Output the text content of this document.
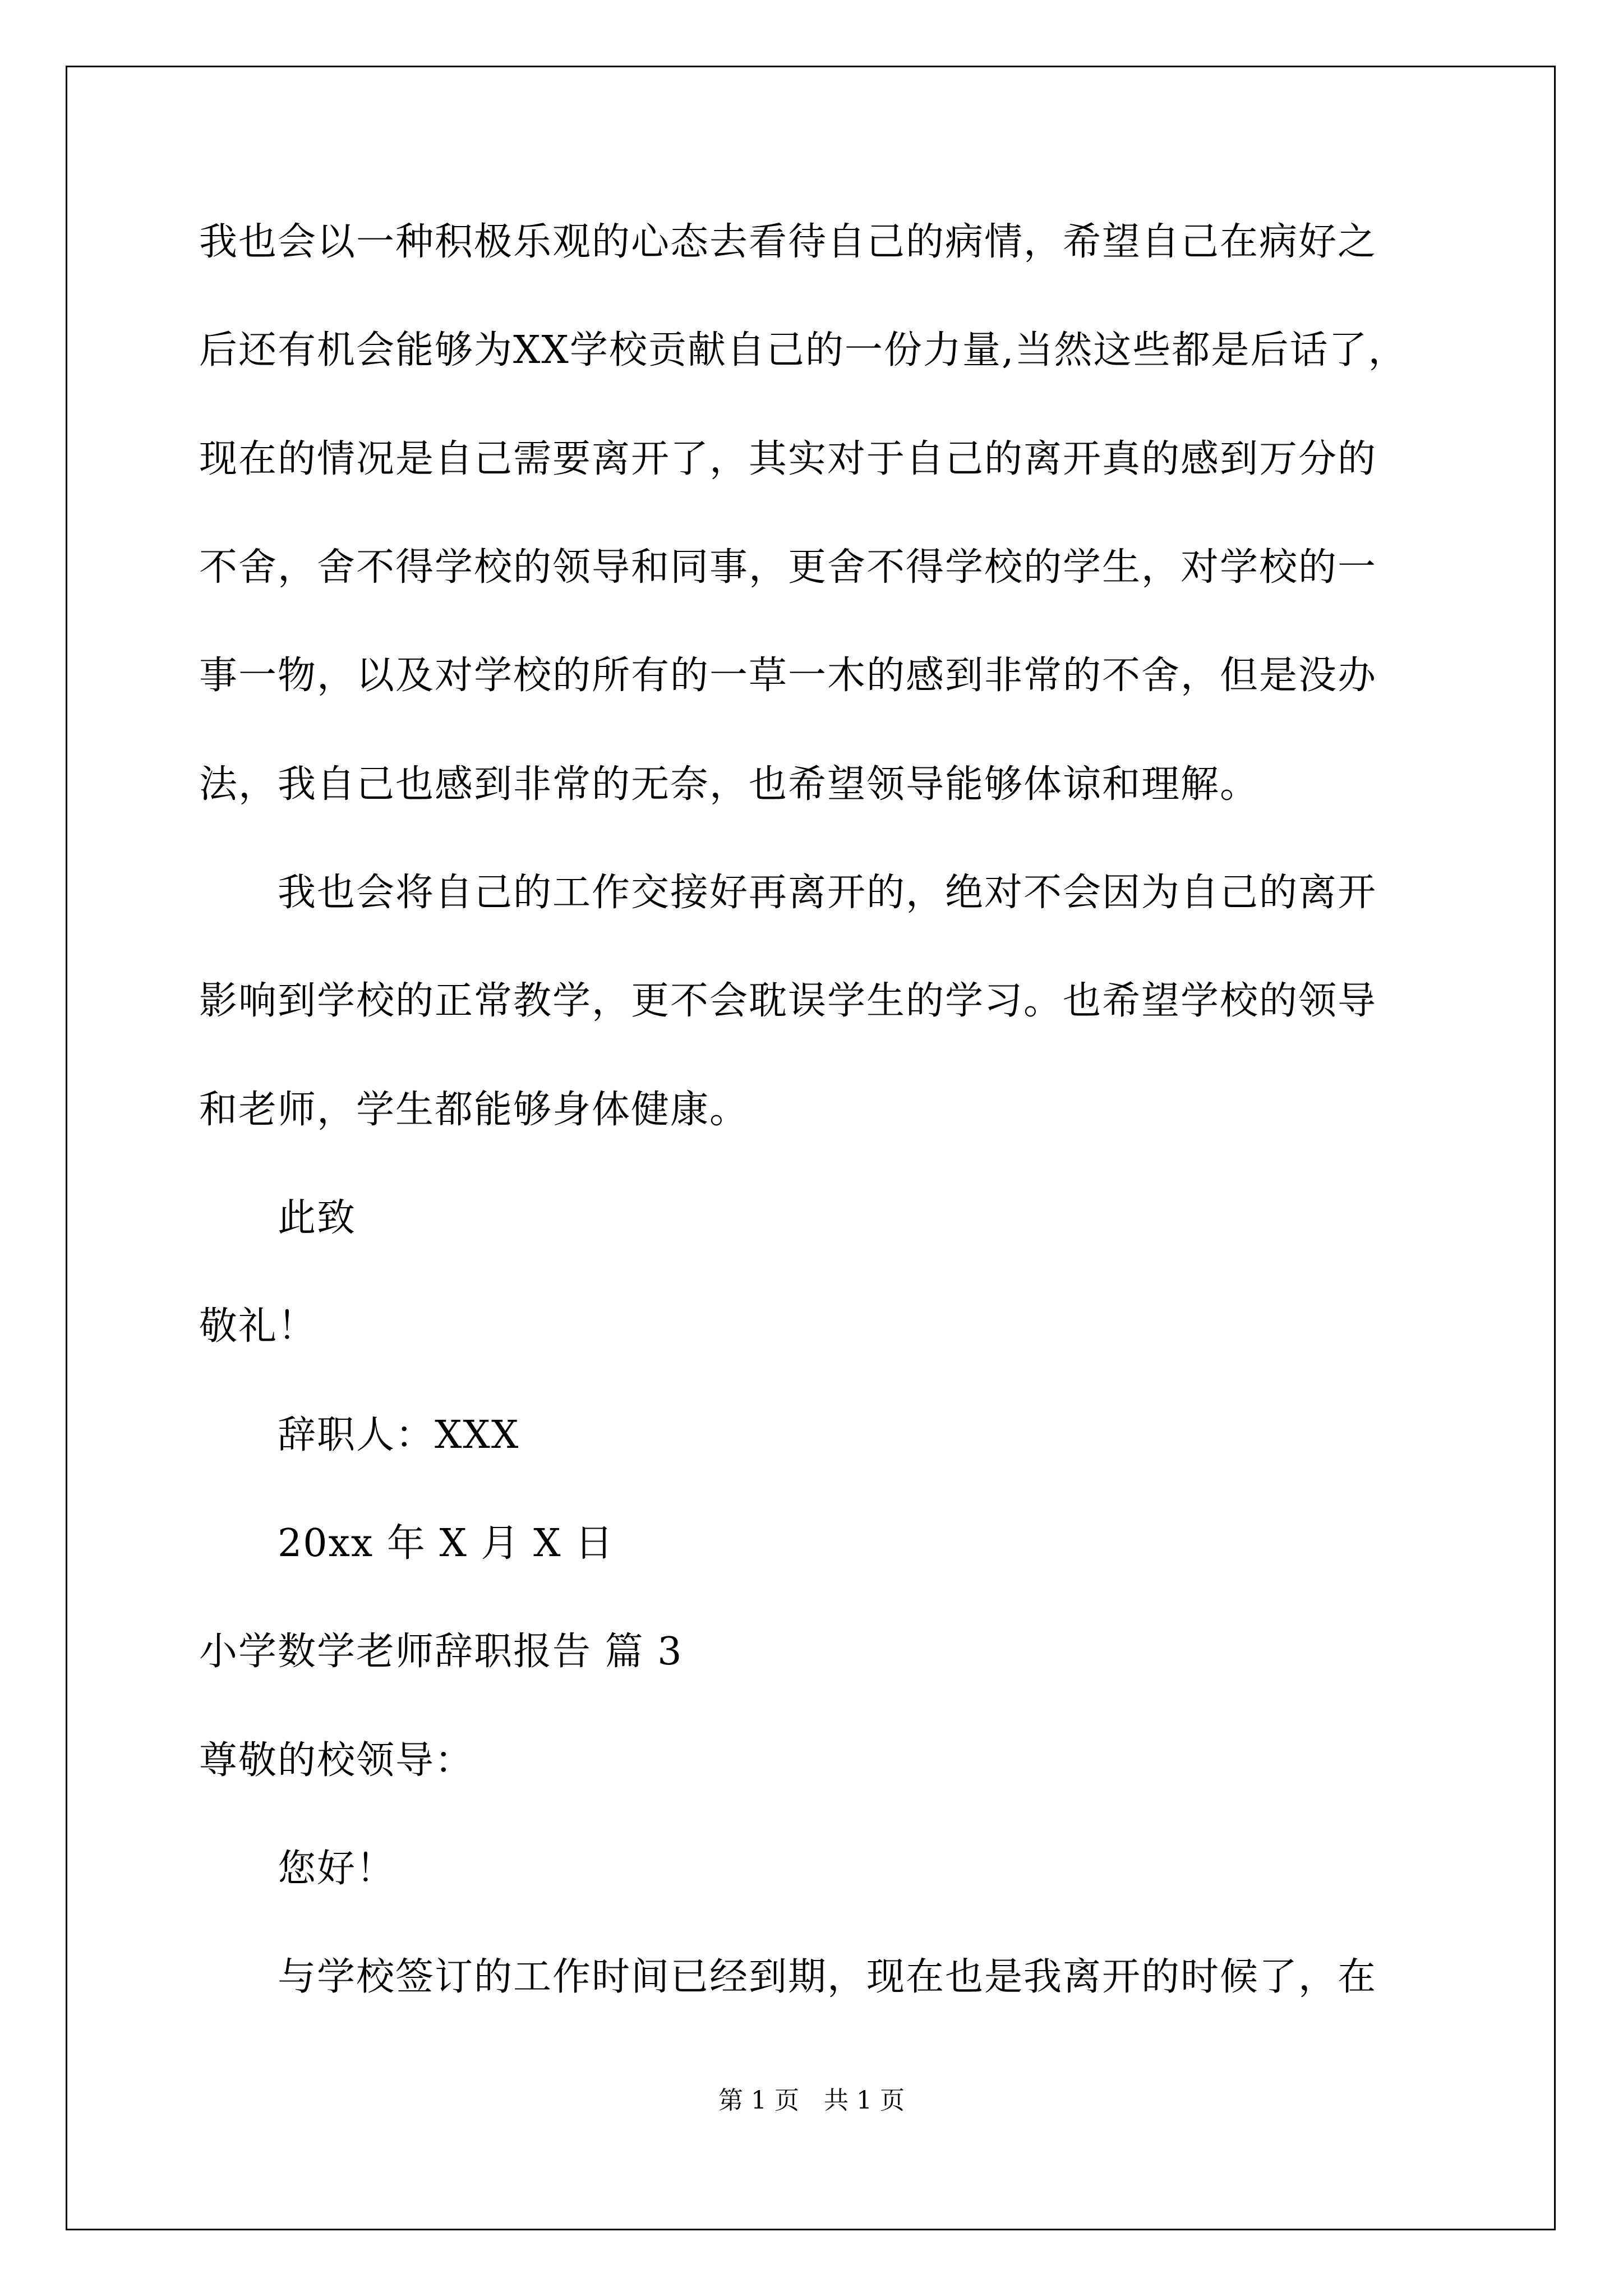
我也会以一种积极乐观的心态去看待自己的病情，希望自己在病好之
后还有机会能够为XX学校贡献自己的一份力量,当然这些都是后话了，
现在的情况是自己需要离开了，其实对于自己的离开真的感到万分的
不舍，舍不得学校的领导和同事，更舍不得学校的学生，对学校的一
事一物，以及对学校的所有的一草一木的感到非常的不舍，但是没办
法，我自己也感到非常的无奈，也希望领导能够体谅和理解。
我也会将自己的工作交接好再离开的，绝对不会因为自己的离开
影响到学校的正常教学，更不会耽误学生的学习。也希望学校的领导
和老师，学生都能够身体健康。
此致
敬礼！
辞职人：XXX
20xx 年 X 月 X 日
小学数学老师辞职报告 篇 3
尊敬的校领导：
您好！
与学校签订的工作时间已经到期，现在也是我离开的时候了，在
第 1 页　共 1 页
